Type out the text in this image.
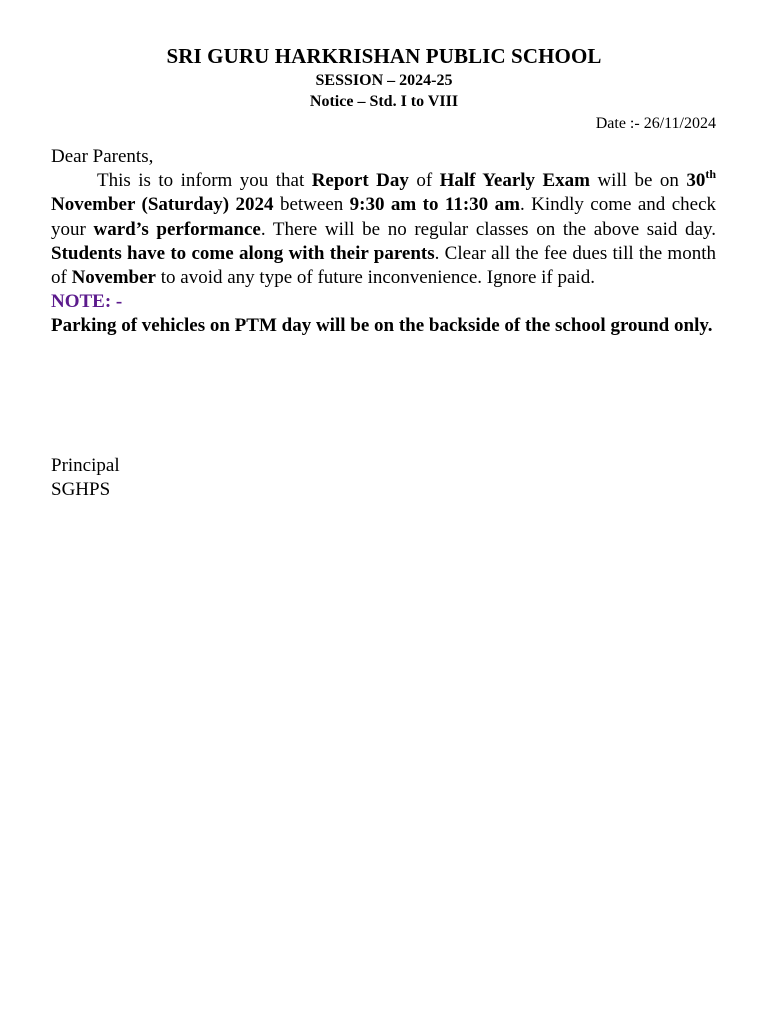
SRI GURU HARKRISHAN PUBLIC SCHOOL
SESSION – 2024-25
Notice – Std. I to VIII
Date :- 26/11/2024

Dear Parents,

This is to inform you that Report Day of Half Yearly Exam will be on 30th November (Saturday) 2024 between 9:30 am to 11:30 am. Kindly come and check your ward’s performance. There will be no regular classes on the above said day. Students have to come along with their parents. Clear all the fee dues till the month of November to avoid any type of future inconvenience. Ignore if paid.

NOTE: -

Parking of vehicles on PTM day will be on the backside of the school ground only.

Principal
SGHPS
